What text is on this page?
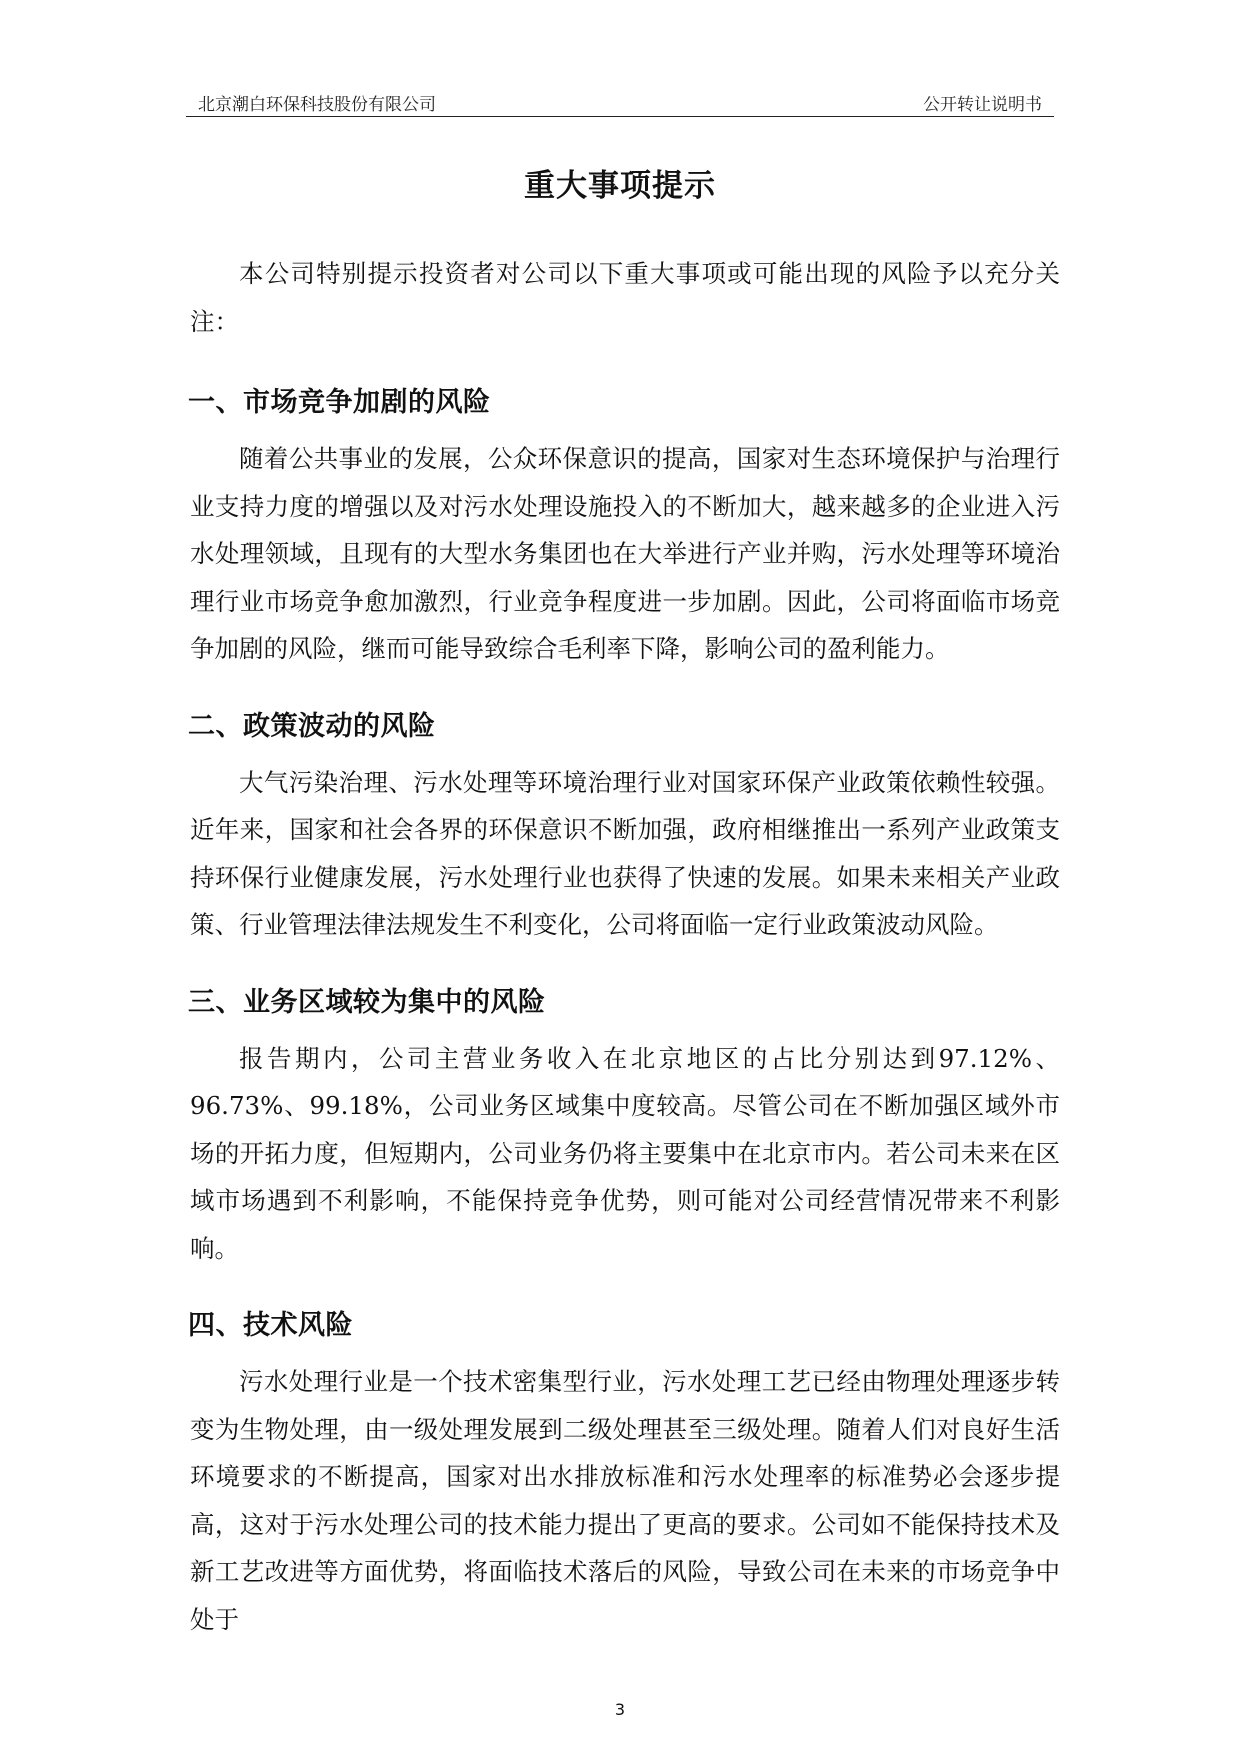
北京潮白环保科技股份有限公司	公开转让说明书
重大事项提示

本公司特别提示投资者对公司以下重大事项或可能出现的风险予以充分关注：

一、市场竞争加剧的风险

随着公共事业的发展，公众环保意识的提高，国家对生态环境保护与治理行业支持力度的增强以及对污水处理设施投入的不断加大，越来越多的企业进入污水处理领域，且现有的大型水务集团也在大举进行产业并购，污水处理等环境治理行业市场竞争愈加激烈，行业竞争程度进一步加剧。因此，公司将面临市场竞争加剧的风险，继而可能导致综合毛利率下降，影响公司的盈利能力。

二、政策波动的风险

大气污染治理、污水处理等环境治理行业对国家环保产业政策依赖性较强。近年来，国家和社会各界的环保意识不断加强，政府相继推出一系列产业政策支持环保行业健康发展，污水处理行业也获得了快速的发展。如果未来相关产业政策、行业管理法律法规发生不利变化，公司将面临一定行业政策波动风险。

三、业务区域较为集中的风险

报告期内，公司主营业务收入在北京地区的占比分别达到97.12%、96.73%、99.18%，公司业务区域集中度较高。尽管公司在不断加强区域外市场的开拓力度，但短期内，公司业务仍将主要集中在北京市内。若公司未来在区域市场遇到不利影响，不能保持竞争优势，则可能对公司经营情况带来不利影响。

四、技术风险

污水处理行业是一个技术密集型行业，污水处理工艺已经由物理处理逐步转变为生物处理，由一级处理发展到二级处理甚至三级处理。随着人们对良好生活环境要求的不断提高，国家对出水排放标准和污水处理率的标准势必会逐步提高，这对于污水处理公司的技术能力提出了更高的要求。公司如不能保持技术及新工艺改进等方面优势，将面临技术落后的风险，导致公司在未来的市场竞争中处于

3
